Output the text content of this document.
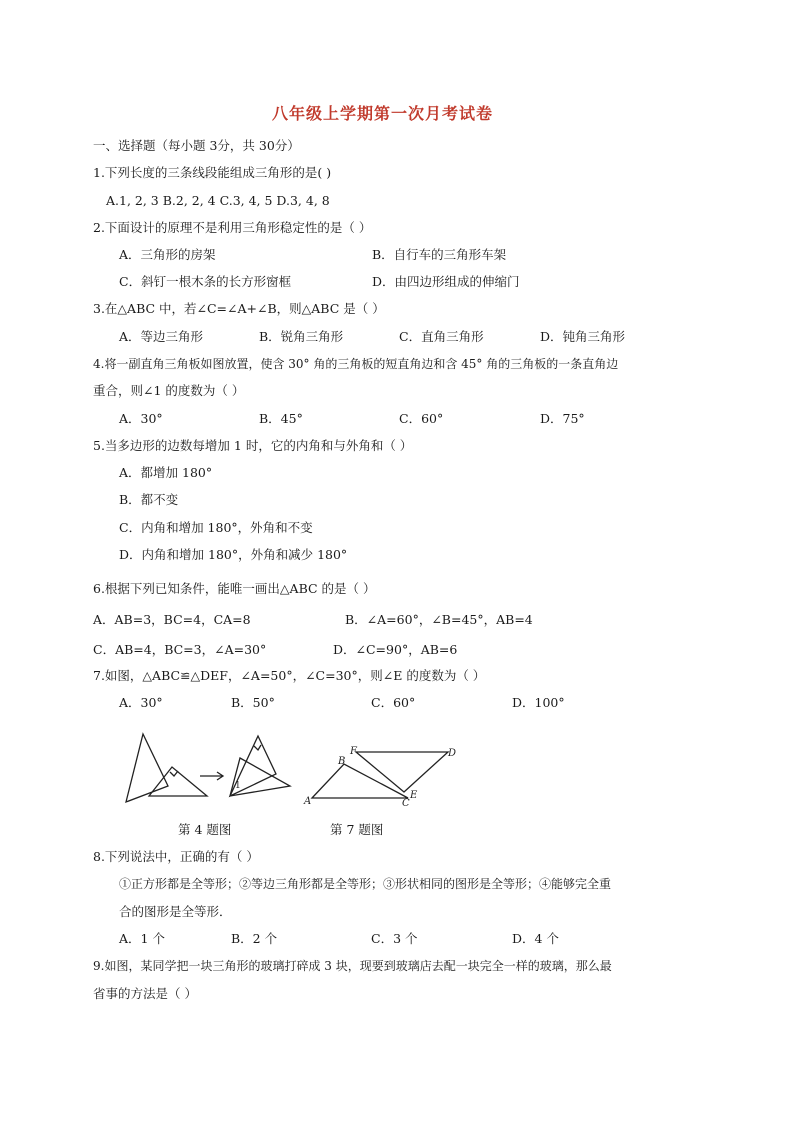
八年级上学期第一次月考试卷
一、选择题（每小题 3分，共 30分）
1.下列长度的三条线段能组成三角形的是( )
A.1, 2, 3 B.2, 2, 4 C.3, 4, 5 D.3, 4, 8
2.下面设计的原理不是利用三角形稳定性的是（ ）
A．三角形的房架	B．自行车的三角形车架
C．斜钉一根木条的长方形窗框	D．由四边形组成的伸缩门
3.在△ABC 中，若∠C=∠A+∠B，则△ABC 是（ ）
A．等边三角形	B．锐角三角形	C．直角三角形	D．钝角三角形
4.将一副直角三角板如图放置，使含 30° 角的三角板的短直角边和含 45° 角的三角板的一条直角边
重合，则∠1 的度数为（ ）
A．30°	B．45°	C．60°	D．75°
5.当多边形的边数每增加 1 时，它的内角和与外角和（ ）
A．都增加 180°
B．都不变
C．内角和增加 180°，外角和不变
D．内角和增加 180°，外角和减少 180°
6.根据下列已知条件，能唯一画出△ABC 的是（ ）
A．AB=3，BC=4，CA=8	B．∠A=60°，∠B=45°，AB=4
C．AB=4，BC=3，∠A=30°	D．∠C=90°，AB=6
7.如图，△ABC≌△DEF，∠A=50°，∠C=30°，则∠E 的度数为（ ）
A．30°	B．50°	C．60°	D．100°
1
A
B
C
D
E
F
第 4 题图	第 7 题图
8.下列说法中，正确的有（ ）
①正方形都是全等形；②等边三角形都是全等形；③形状相同的图形是全等形；④能够完全重
合的图形是全等形．
A．1 个	B．2 个	C．3 个	D．4 个
9.如图，某同学把一块三角形的玻璃打碎成 3 块，现要到玻璃店去配一块完全一样的玻璃，那么最
省事的方法是（ ）
